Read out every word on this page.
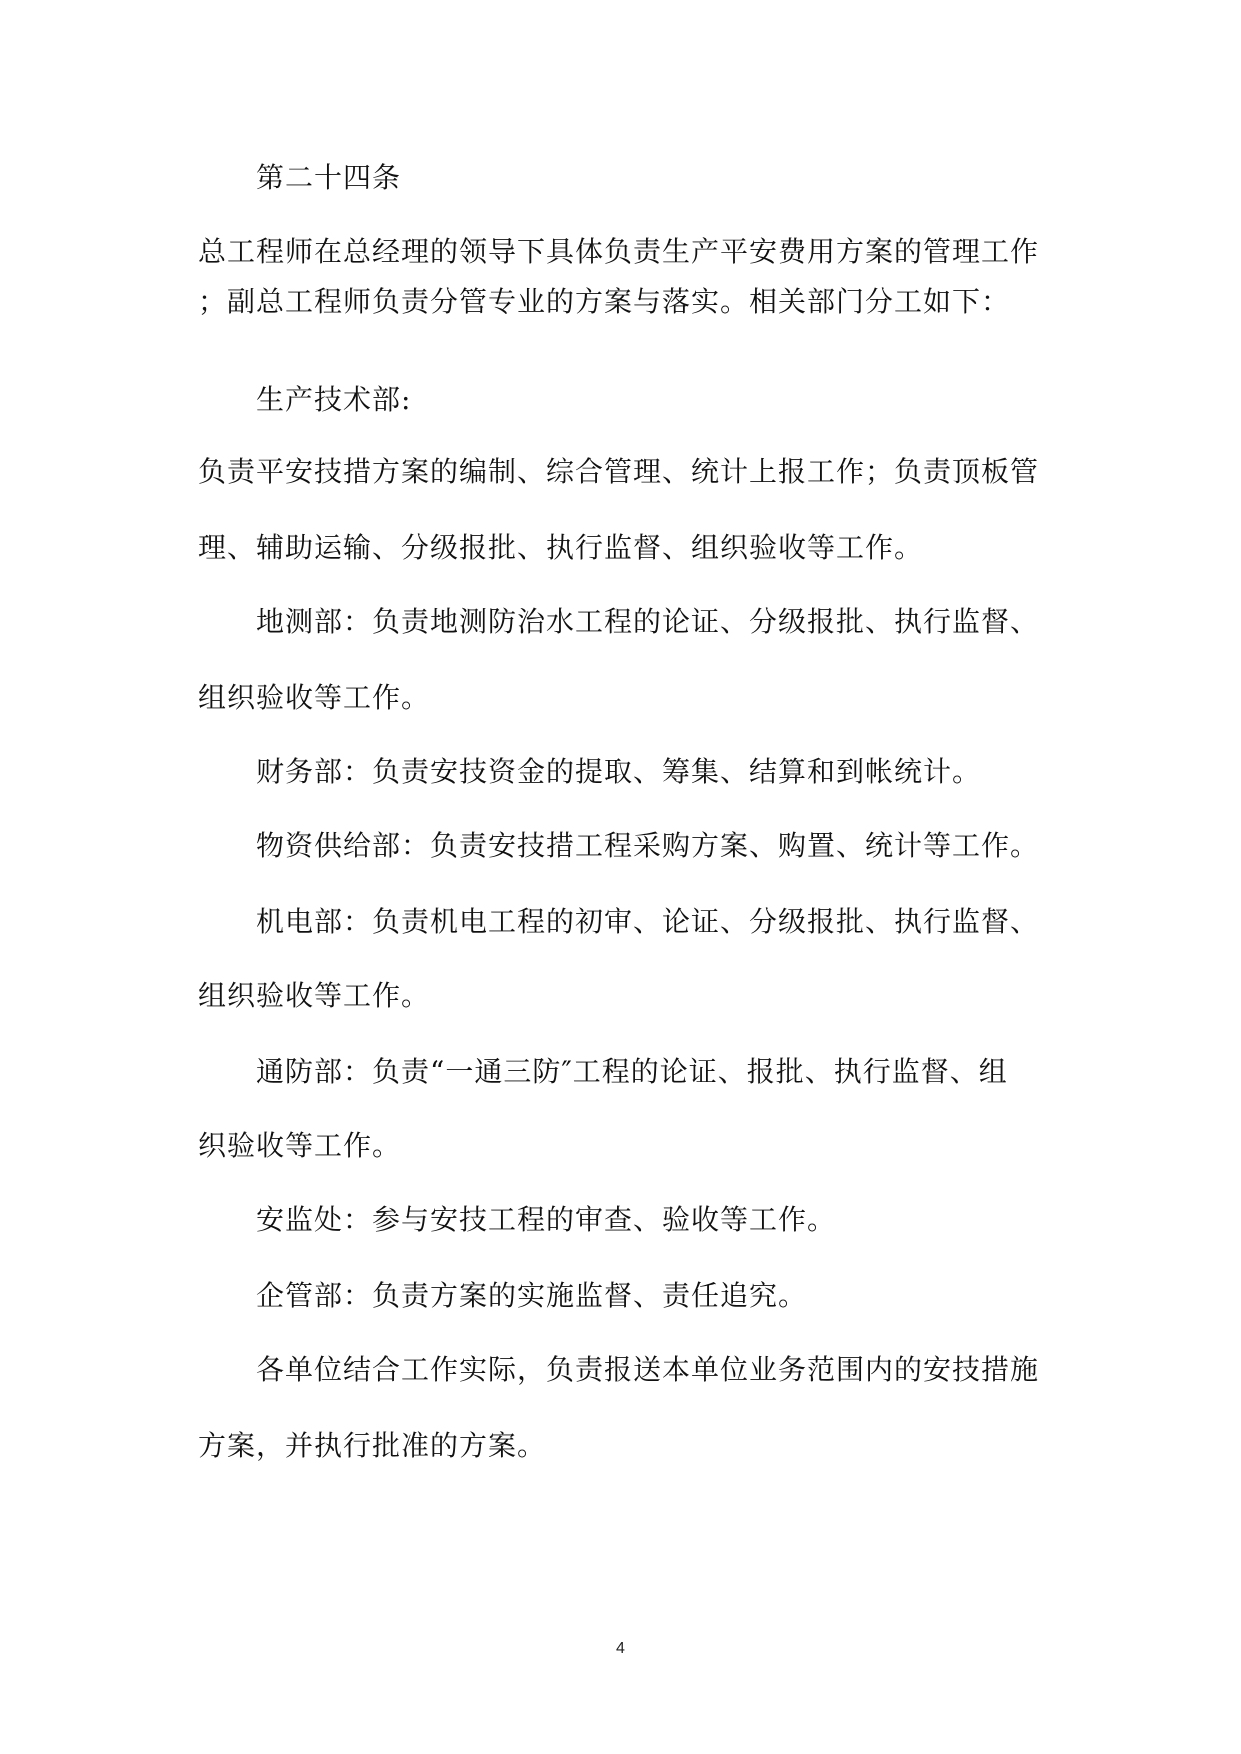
第二十四条
总工程师在总经理的领导下具体负责生产平安费用方案的管理工作
；副总工程师负责分管专业的方案与落实。相关部门分工如下：
生产技术部:
负责平安技措方案的编制、综合管理、统计上报工作；负责顶板管
理、辅助运输、分级报批、执行监督、组织验收等工作。
地测部：负责地测防治水工程的论证、分级报批、执行监督、
组织验收等工作。
财务部：负责安技资金的提取、筹集、结算和到帐统计。
物资供给部：负责安技措工程采购方案、购置、统计等工作。
机电部：负责机电工程的初审、论证、分级报批、执行监督、
组织验收等工作。
通防部：负责“一通三防″工程的论证、报批、执行监督、组
织验收等工作。
安监处：参与安技工程的审查、验收等工作。
企管部：负责方案的实施监督、责任追究。
各单位结合工作实际，负责报送本单位业务范围内的安技措施
方案，并执行批准的方案。
4
